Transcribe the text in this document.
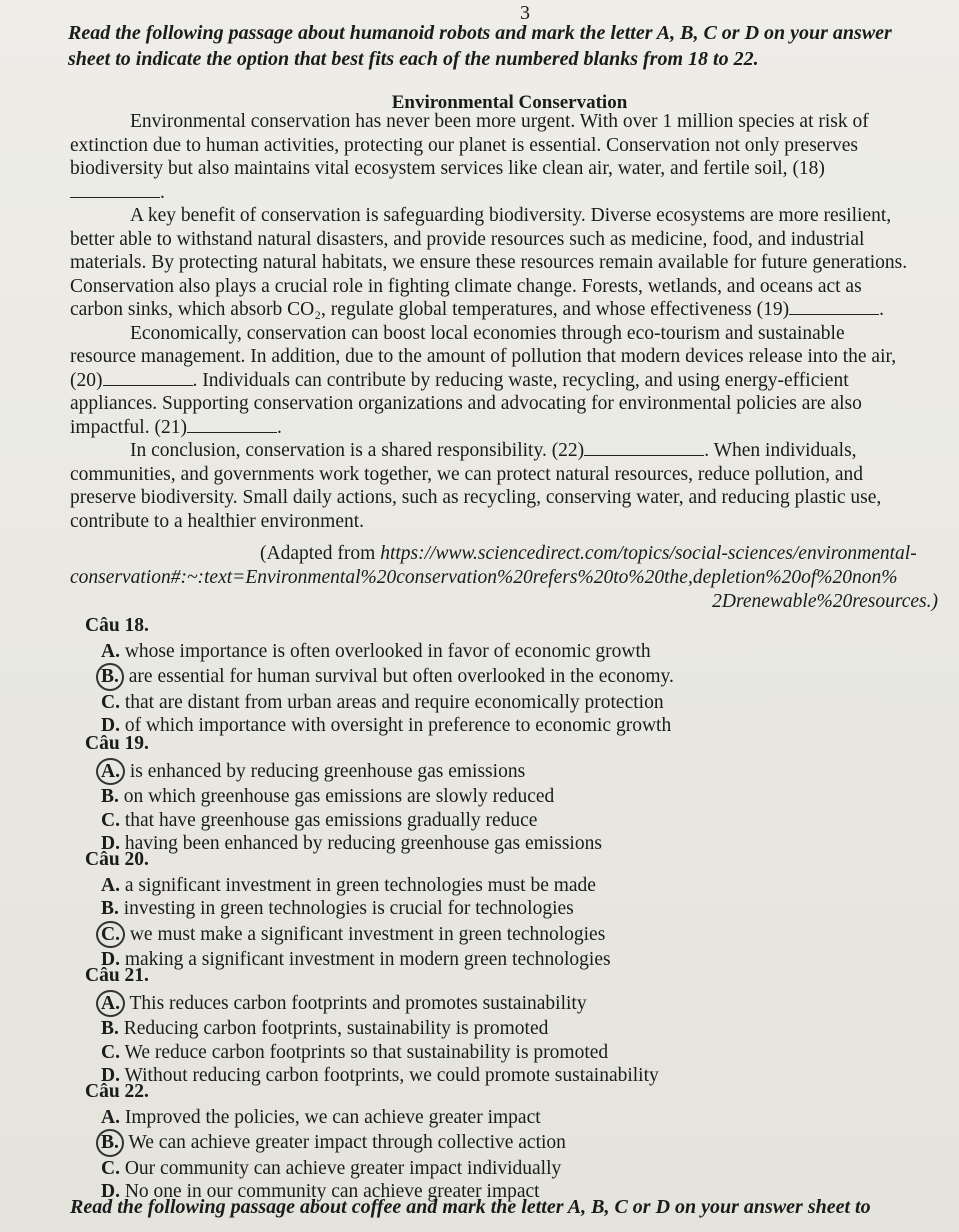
3
Read the following passage about humanoid robots and mark the letter A, B, C or D on your answer sheet to indicate the option that best fits each of the numbered blanks from 18 to 22.
Environmental Conservation

Environmental conservation has never been more urgent. With over 1 million species at risk of extinction due to human activities, protecting our planet is essential. Conservation not only preserves biodiversity but also maintains vital ecosystem services like clean air, water, and fertile soil, (18).

A key benefit of conservation is safeguarding biodiversity. Diverse ecosystems are more resilient, better able to withstand natural disasters, and provide resources such as medicine, food, and industrial materials. By protecting natural habitats, we ensure these resources remain available for future generations. Conservation also plays a crucial role in fighting climate change. Forests, wetlands, and oceans act as carbon sinks, which absorb CO₂, regulate global temperatures, and whose effectiveness (19)	.

Economically, conservation can boost local economies through eco-tourism and sustainable resource management. In addition, due to the amount of pollution that modern devices release into the air, (20)	. Individuals can contribute by reducing waste, recycling, and using energy-efficient appliances. Supporting conservation organizations and advocating for environmental policies are also impactful. (21)	.

In conclusion, conservation is a shared responsibility. (22)	. When individuals, communities, and governments work together, we can protect natural resources, reduce pollution, and preserve biodiversity. Small daily actions, such as recycling, conserving water, and reducing plastic use, contribute to a healthier environment.

(Adapted from https://www.sciencedirect.com/topics/social-sciences/environmental-
conservation#:~:text=Environmental%20conservation%20refers%20to%20the,depletion%20of%20non%
2Drenewable%20resources.)
Câu 18.
A. whose importance is often overlooked in favor of economic growth
B. are essential for human survival but often overlooked in the economy.
C. that are distant from urban areas and require economically protection
D. of which importance with oversight in preference to economic growth
Câu 19.
A. is enhanced by reducing greenhouse gas emissions
B. on which greenhouse gas emissions are slowly reduced
C. that have greenhouse gas emissions gradually reduce
D. having been enhanced by reducing greenhouse gas emissions
Câu 20.
A. a significant investment in green technologies must be made
B. investing in green technologies is crucial for technologies
C. we must make a significant investment in green technologies
D. making a significant investment in modern green technologies
Câu 21.
A. This reduces carbon footprints and promotes sustainability
B. Reducing carbon footprints, sustainability is promoted
C. We reduce carbon footprints so that sustainability is promoted
D. Without reducing carbon footprints, we could promote sustainability
Câu 22.
A. Improved the policies, we can achieve greater impact
B. We can achieve greater impact through collective action
C. Our community can achieve greater impact individually
D. No one in our community can achieve greater impact
Read the following passage about coffee and mark the letter A, B, C or D on your answer sheet to
